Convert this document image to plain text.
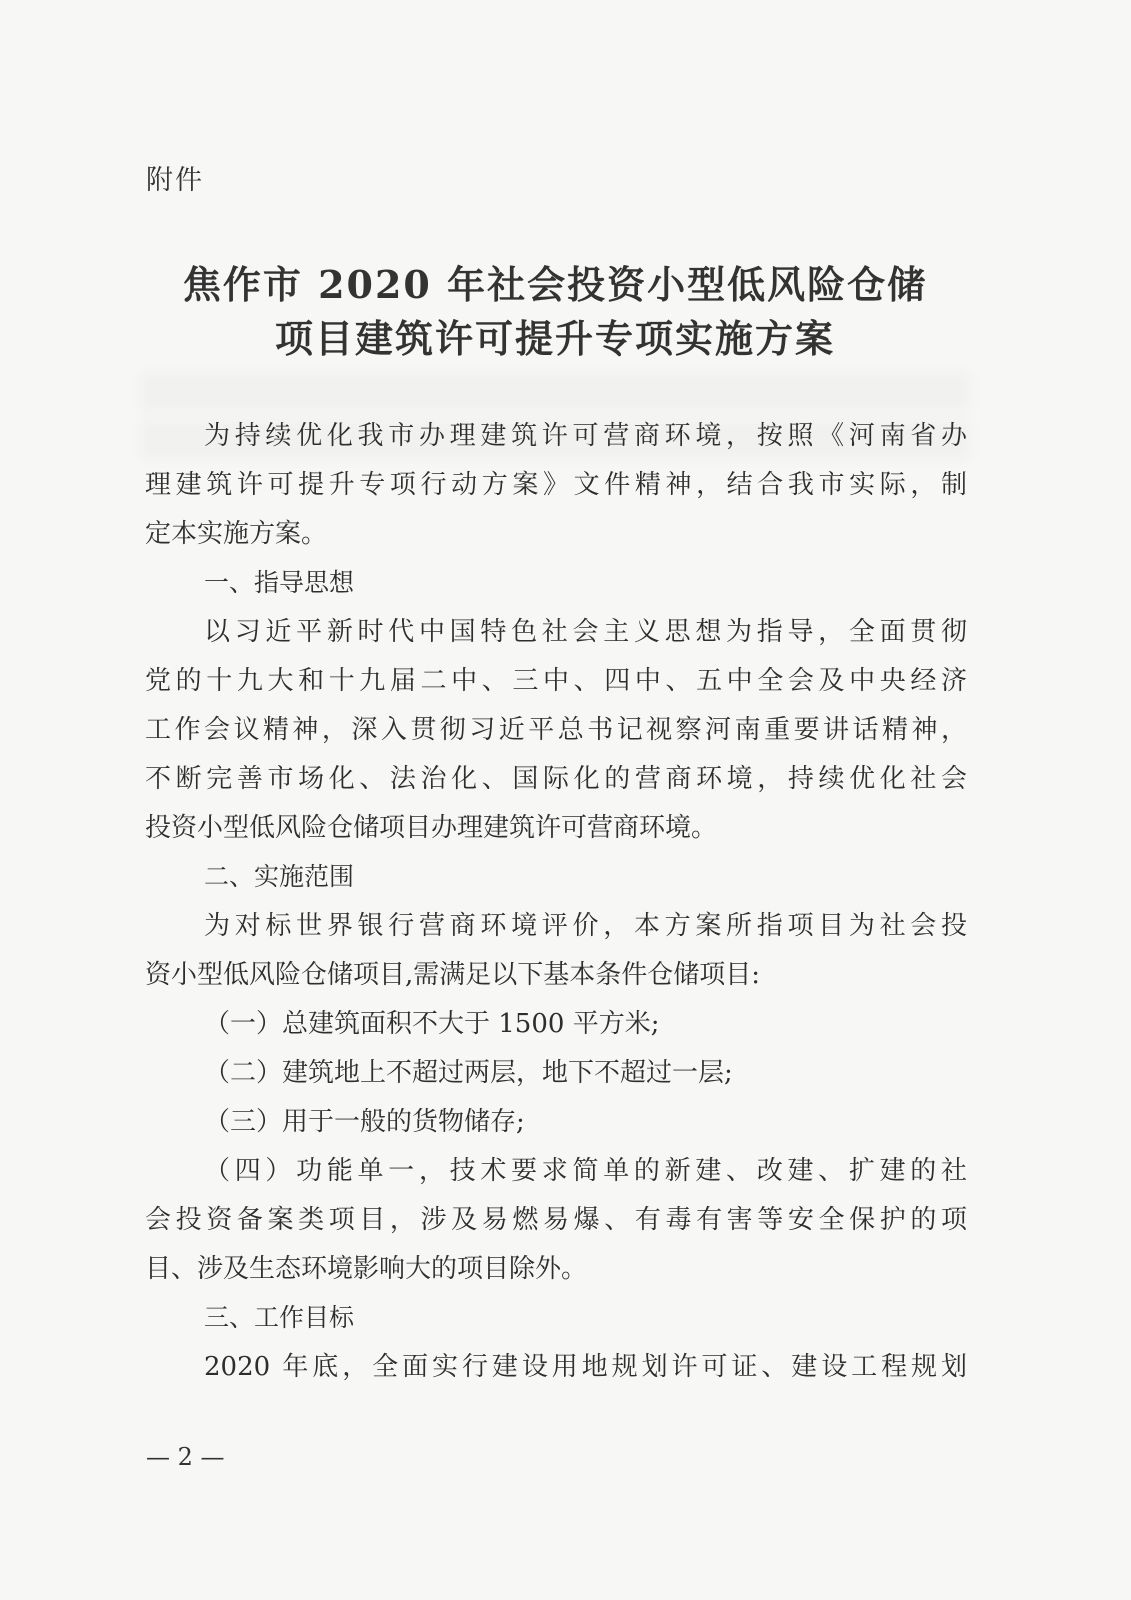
附件
焦作市 2020 年社会投资小型低风险仓储
项目建筑许可提升专项实施方案
为持续优化我市办理建筑许可营商环境，按照《河南省办
理建筑许可提升专项行动方案》文件精神，结合我市实际，制
定本实施方案。
一、指导思想
以习近平新时代中国特色社会主义思想为指导，全面贯彻
党的十九大和十九届二中、三中、四中、五中全会及中央经济
工作会议精神，深入贯彻习近平总书记视察河南重要讲话精神，
不断完善市场化、法治化、国际化的营商环境，持续优化社会
投资小型低风险仓储项目办理建筑许可营商环境。
二、实施范围
为对标世界银行营商环境评价，本方案所指项目为社会投
资小型低风险仓储项目,需满足以下基本条件仓储项目:
（一）总建筑面积不大于 1500 平方米;
（二）建筑地上不超过两层，地下不超过一层;
（三）用于一般的货物储存;
（四）功能单一，技术要求简单的新建、改建、扩建的社
会投资备案类项目，涉及易燃易爆、有毒有害等安全保护的项
目、涉及生态环境影响大的项目除外。
三、工作目标
2020 年底，全面实行建设用地规划许可证、建设工程规划
— 2 —
